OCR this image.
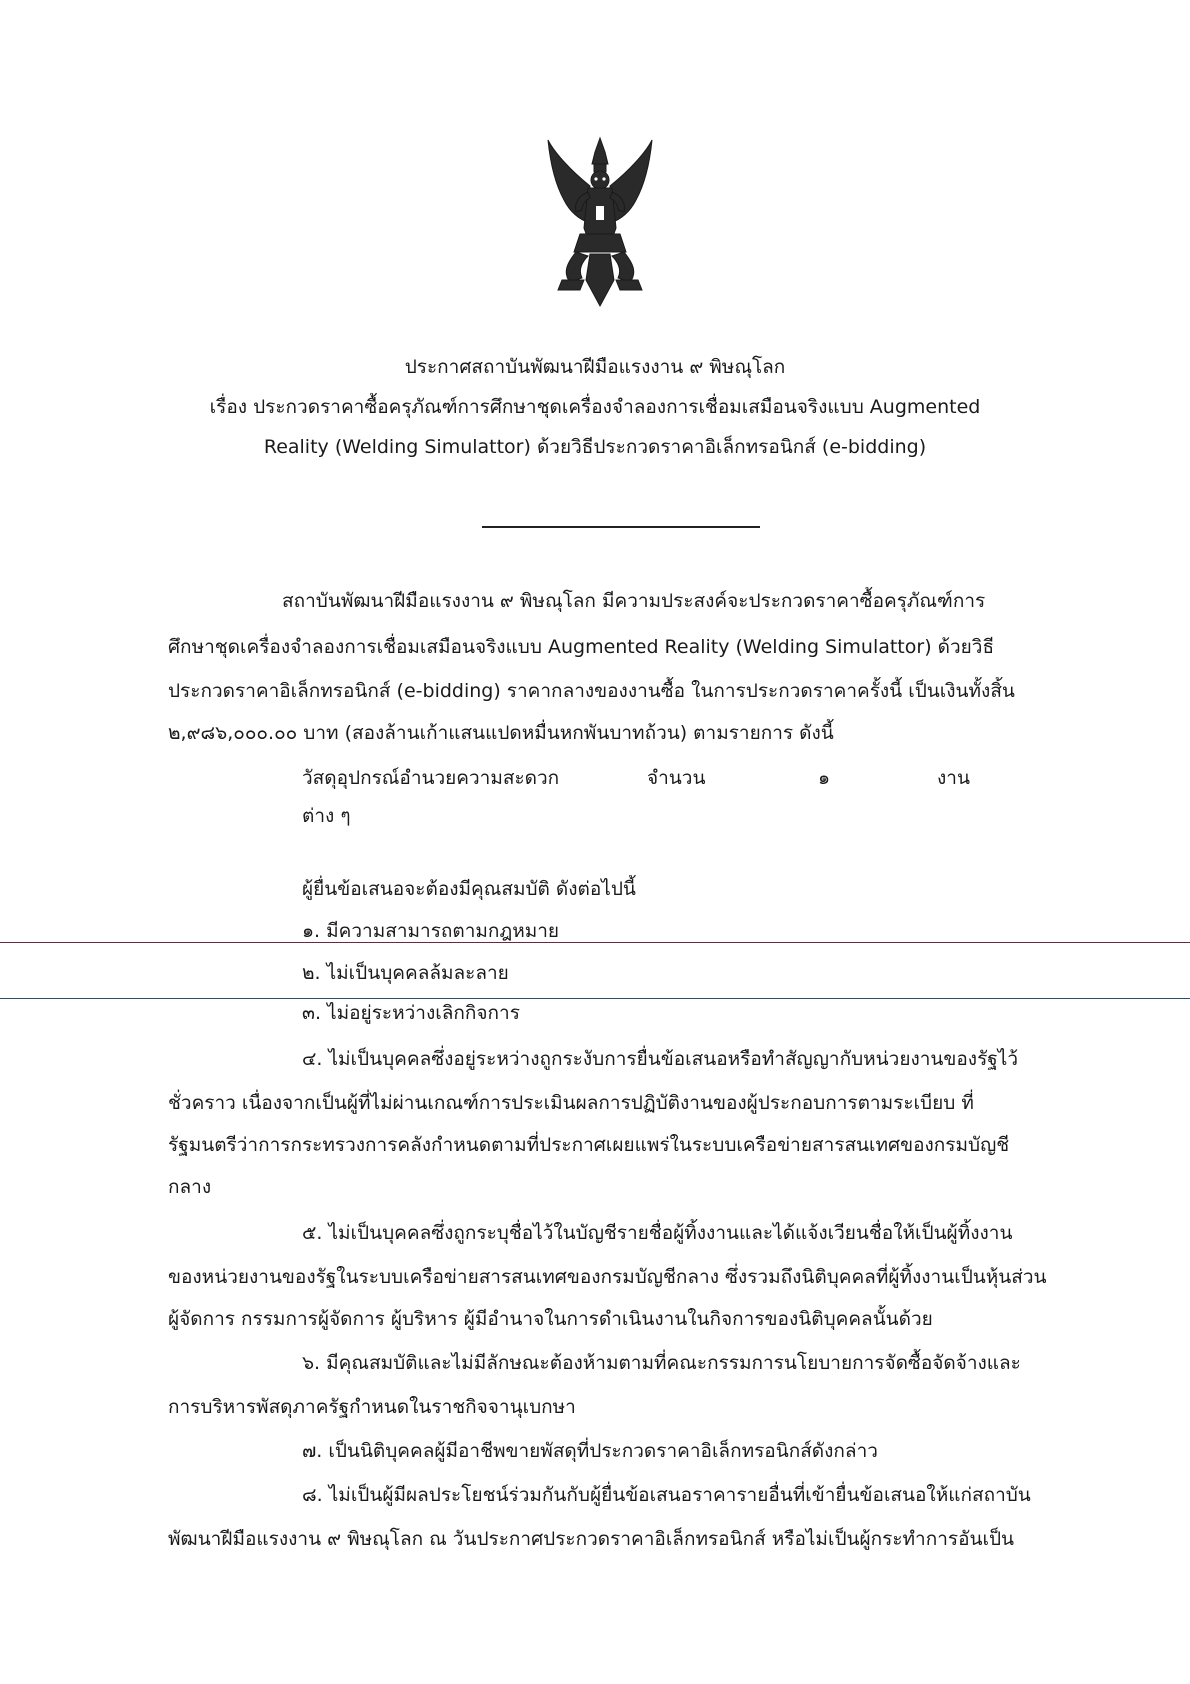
ประกาศสถาบันพัฒนาฝีมือแรงงาน ๙ พิษณุโลก
เรื่อง ประกวดราคาซื้อครุภัณฑ์การศึกษาชุดเครื่องจำลองการเชื่อมเสมือนจริงแบบ Augmented
Reality (Welding Simulattor) ด้วยวิธีประกวดราคาอิเล็กทรอนิกส์ (e-bidding)
สถาบันพัฒนาฝีมือแรงงาน ๙ พิษณุโลก มีความประสงค์จะประกวดราคาซื้อครุภัณฑ์การ
ศึกษาชุดเครื่องจำลองการเชื่อมเสมือนจริงแบบ Augmented Reality (Welding Simulattor) ด้วยวิธี
ประกวดราคาอิเล็กทรอนิกส์ (e-bidding) ราคากลางของงานซื้อ ในการประกวดราคาครั้งนี้ เป็นเงินทั้งสิ้น
๒,๙๘๖,๐๐๐.๐๐ บาท (สองล้านเก้าแสนแปดหมื่นหกพันบาทถ้วน) ตามรายการ ดังนี้
วัสดุอุปกรณ์อำนวยความสะดวก	จำนวน	๑	งาน
ต่าง ๆ
ผู้ยื่นข้อเสนอจะต้องมีคุณสมบัติ ดังต่อไปนี้
๑. มีความสามารถตามกฎหมาย
๒. ไม่เป็นบุคคลล้มละลาย
๓. ไม่อยู่ระหว่างเลิกกิจการ
๔. ไม่เป็นบุคคลซึ่งอยู่ระหว่างถูกระงับการยื่นข้อเสนอหรือทำสัญญากับหน่วยงานของรัฐไว้
ชั่วคราว เนื่องจากเป็นผู้ที่ไม่ผ่านเกณฑ์การประเมินผลการปฏิบัติงานของผู้ประกอบการตามระเบียบ ที่
รัฐมนตรีว่าการกระทรวงการคลังกำหนดตามที่ประกาศเผยแพร่ในระบบเครือข่ายสารสนเทศของกรมบัญชี
กลาง
๕. ไม่เป็นบุคคลซึ่งถูกระบุชื่อไว้ในบัญชีรายชื่อผู้ทิ้งงานและได้แจ้งเวียนชื่อให้เป็นผู้ทิ้งงาน
ของหน่วยงานของรัฐในระบบเครือข่ายสารสนเทศของกรมบัญชีกลาง ซึ่งรวมถึงนิติบุคคลที่ผู้ทิ้งงานเป็นหุ้นส่วน
ผู้จัดการ กรรมการผู้จัดการ ผู้บริหาร ผู้มีอำนาจในการดำเนินงานในกิจการของนิติบุคคลนั้นด้วย
๖. มีคุณสมบัติและไม่มีลักษณะต้องห้ามตามที่คณะกรรมการนโยบายการจัดซื้อจัดจ้างและ
การบริหารพัสดุภาครัฐกำหนดในราชกิจจานุเบกษา
๗. เป็นนิติบุคคลผู้มีอาชีพขายพัสดุที่ประกวดราคาอิเล็กทรอนิกส์ดังกล่าว
๘. ไม่เป็นผู้มีผลประโยชน์ร่วมกันกับผู้ยื่นข้อเสนอราคารายอื่นที่เข้ายื่นข้อเสนอให้แก่สถาบัน
พัฒนาฝีมือแรงงาน ๙ พิษณุโลก ณ วันประกาศประกวดราคาอิเล็กทรอนิกส์ หรือไม่เป็นผู้กระทำการอันเป็น
